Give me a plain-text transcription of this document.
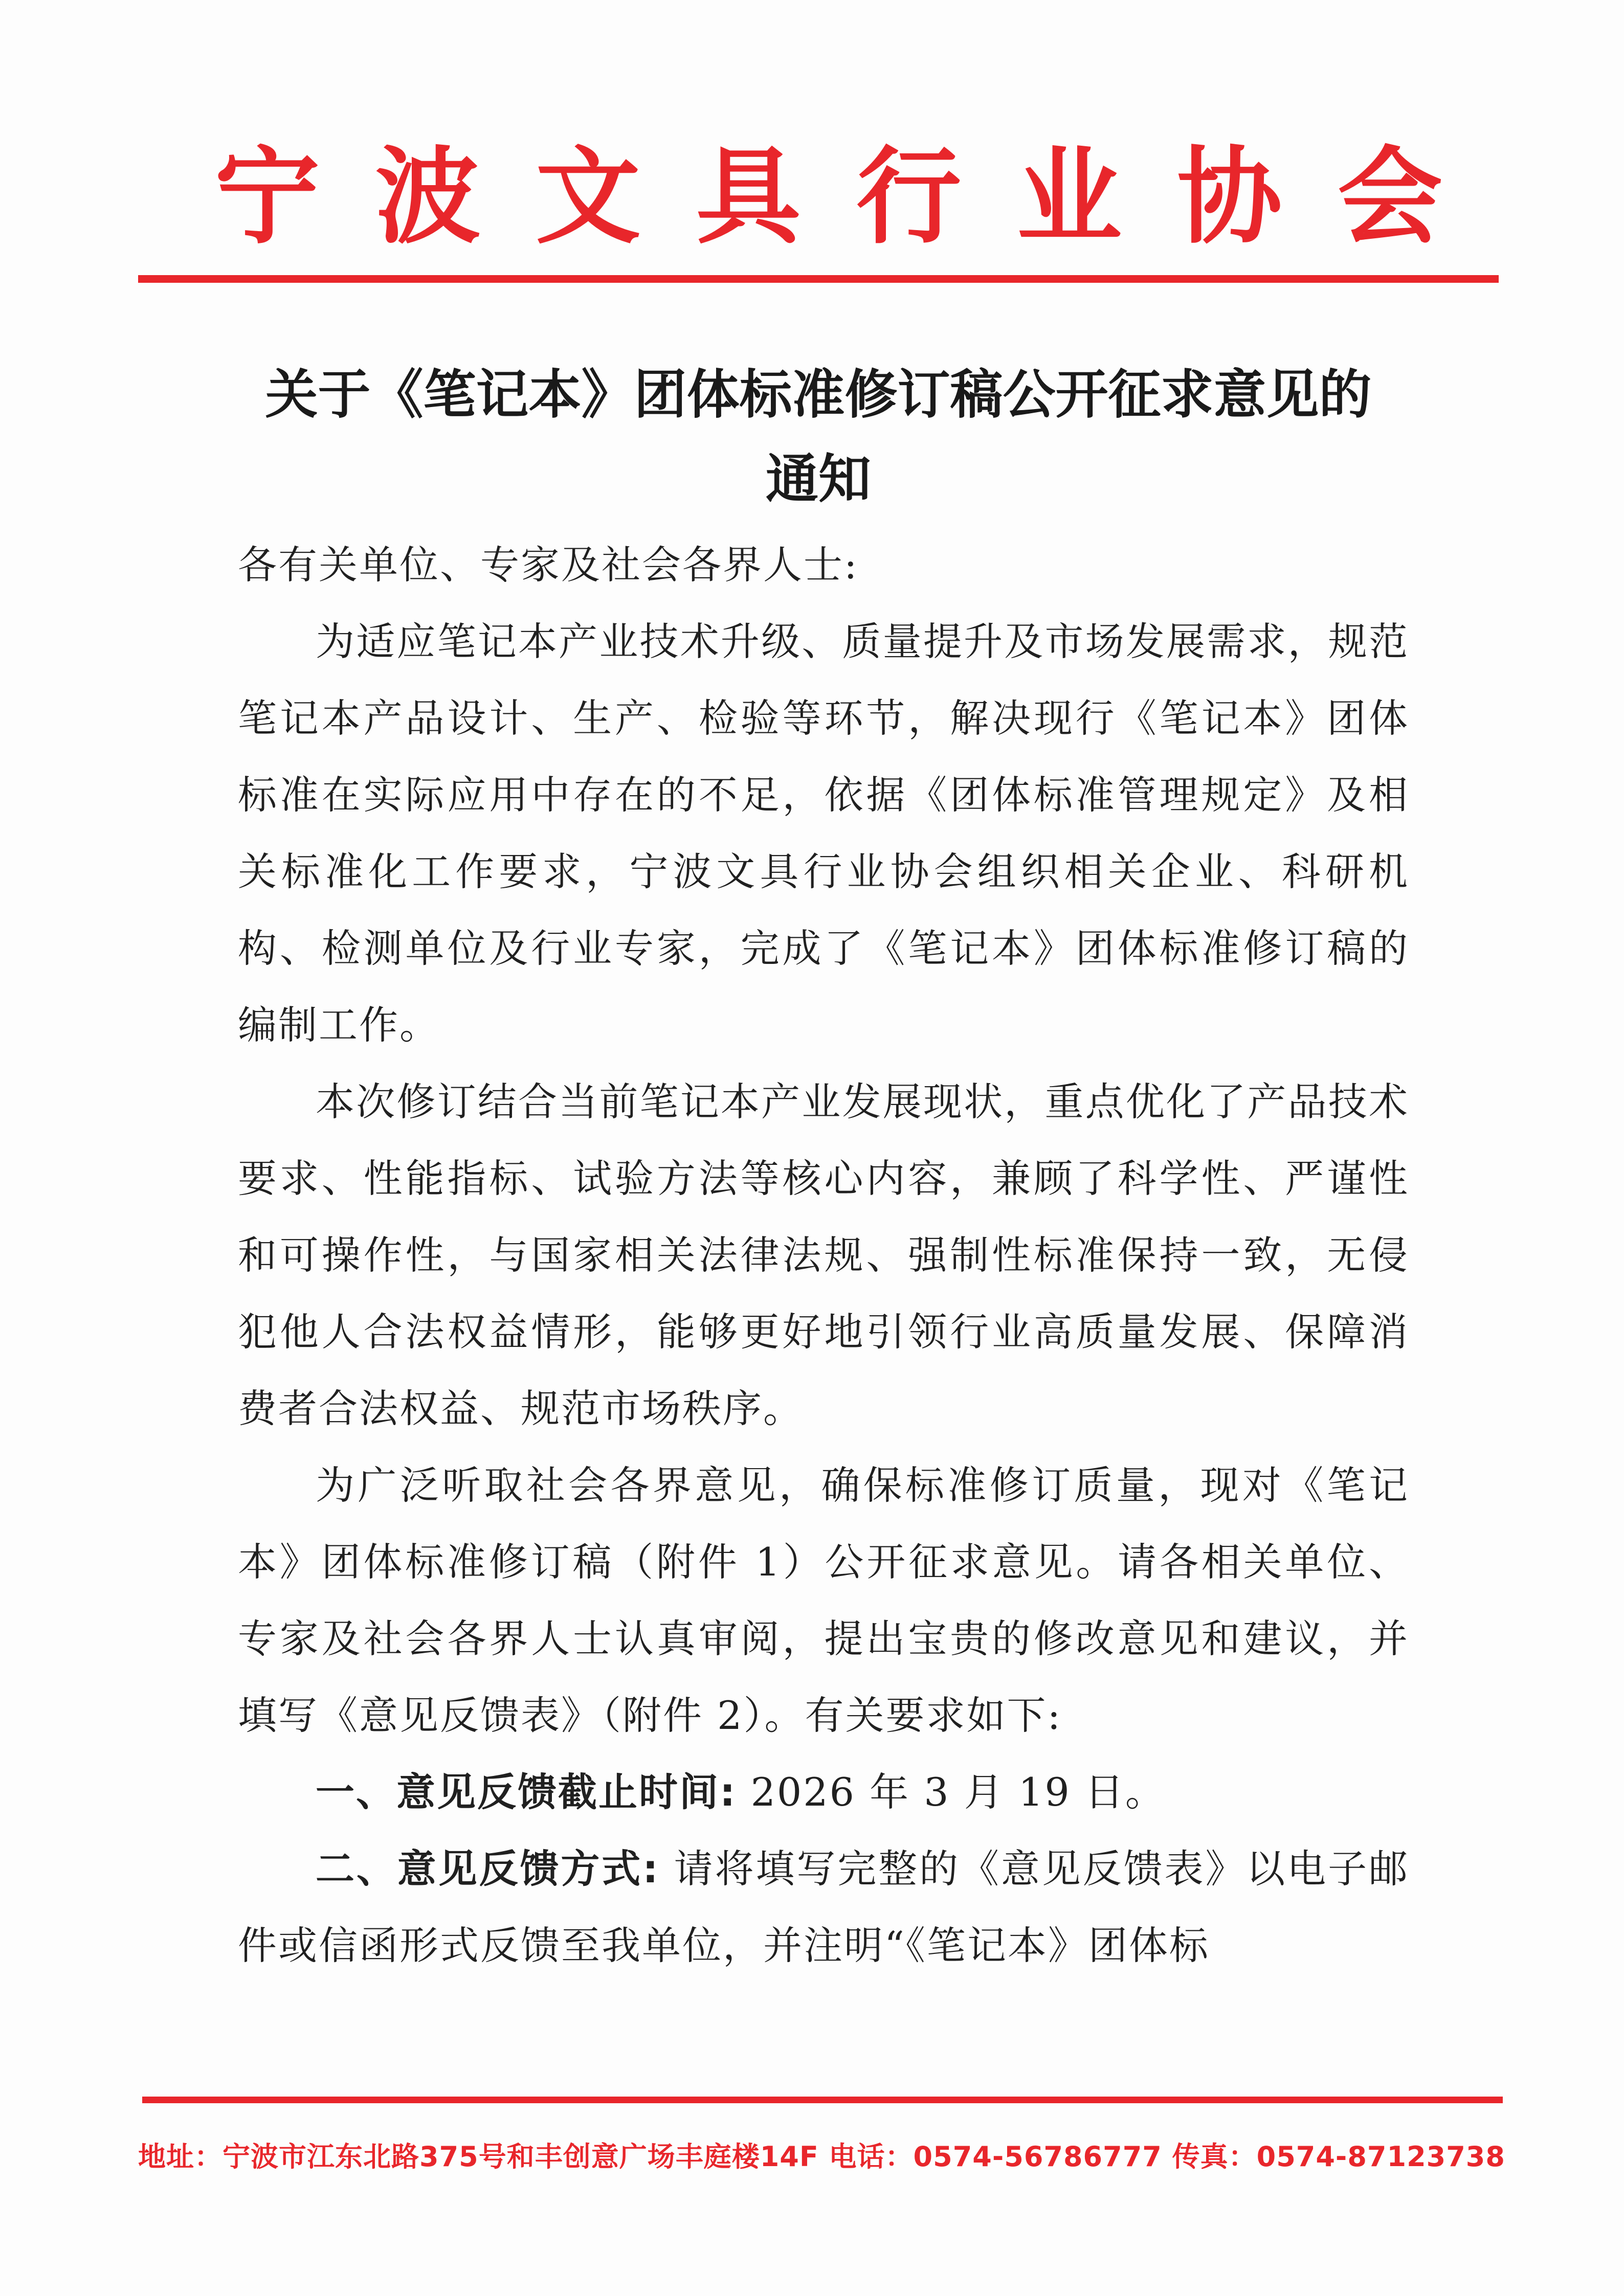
宁 波 文 具 行 业 协 会
关于《笔记本》团体标准修订稿公开征求意见的
通知

各有关单位、专家及社会各界人士:

为适应笔记本产业技术升级、质量提升及市场发展需求，规范笔记本产品设计、生产、检验等环节，解决现行《笔记本》团体标准在实际应用中存在的不足，依据《团体标准管理规定》及相关标准化工作要求，宁波文具行业协会组织相关企业、科研机构、检测单位及行业专家，完成了《笔记本》团体标准修订稿的编制工作。

本次修订结合当前笔记本产业发展现状，重点优化了产品技术要求、性能指标、试验方法等核心内容，兼顾了科学性、严谨性和可操作性，与国家相关法律法规、强制性标准保持一致，无侵犯他人合法权益情形，能够更好地引领行业高质量发展、保障消费者合法权益、规范市场秩序。

为广泛听取社会各界意见，确保标准修订质量，现对《笔记本》团体标准修订稿（附件 1）公开征求意见。请各相关单位、专家及社会各界人士认真审阅，提出宝贵的修改意见和建议，并填写《意见反馈表》（附件 2）。有关要求如下:

一、意见反馈截止时间: 2026 年 3 月 19 日。

二、意见反馈方式: 请将填写完整的《意见反馈表》以电子邮件或信函形式反馈至我单位，并注明“《笔记本》团体标

地址：宁波市江东北路375号和丰创意广场丰庭楼14F 电话：0574-56786777 传真：0574-87123738
